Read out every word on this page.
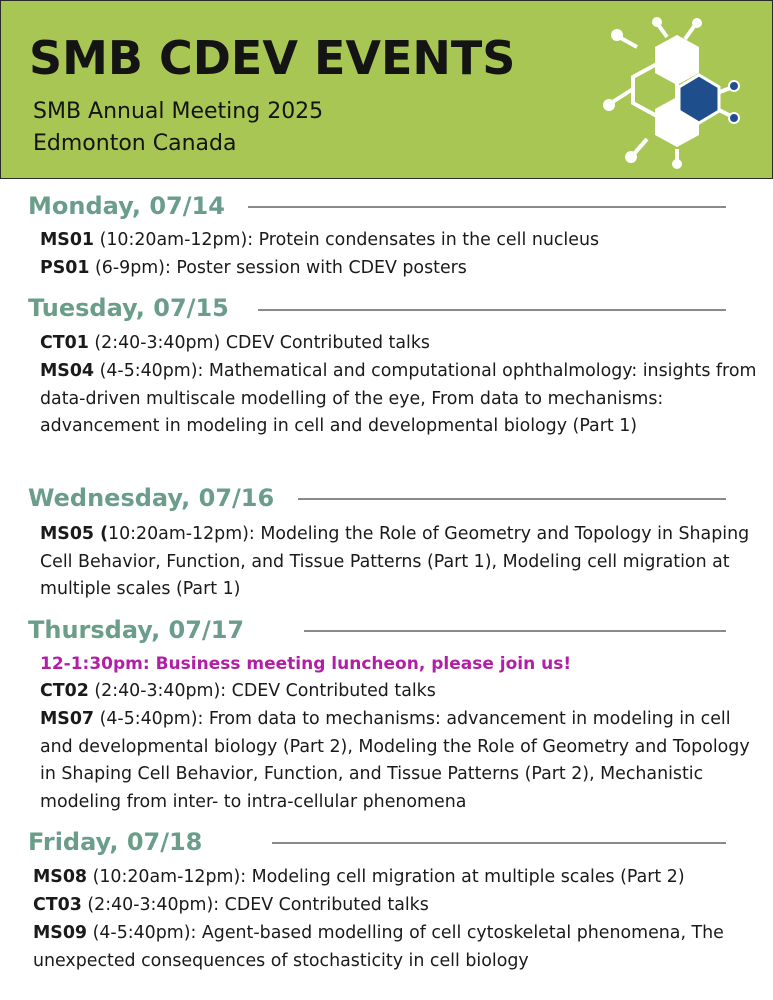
SMB CDEV EVENTS
SMB Annual Meeting 2025
Edmonton Canada
Monday, 07/14
MS01 (10:20am-12pm): Protein condensates in the cell nucleus
PS01 (6-9pm): Poster session with CDEV posters
Tuesday, 07/15
CT01 (2:40-3:40pm) CDEV Contributed talks
MS04 (4-5:40pm): Mathematical and computational ophthalmology: insights from data-driven multiscale modelling of the eye, From data to mechanisms: advancement in modeling in cell and developmental biology (Part 1)
Wednesday, 07/16
MS05 (10:20am-12pm): Modeling the Role of Geometry and Topology in Shaping Cell Behavior, Function, and Tissue Patterns (Part 1), Modeling cell migration at multiple scales (Part 1)
Thursday, 07/17
12-1:30pm: Business meeting luncheon, please join us!
CT02 (2:40-3:40pm): CDEV Contributed talks
MS07 (4-5:40pm): From data to mechanisms: advancement in modeling in cell and developmental biology (Part 2), Modeling the Role of Geometry and Topology in Shaping Cell Behavior, Function, and Tissue Patterns (Part 2), Mechanistic modeling from inter- to intra-cellular phenomena
Friday, 07/18
MS08 (10:20am-12pm): Modeling cell migration at multiple scales (Part 2)
CT03 (2:40-3:40pm): CDEV Contributed talks
MS09 (4-5:40pm): Agent-based modelling of cell cytoskeletal phenomena, The unexpected consequences of stochasticity in cell biology
